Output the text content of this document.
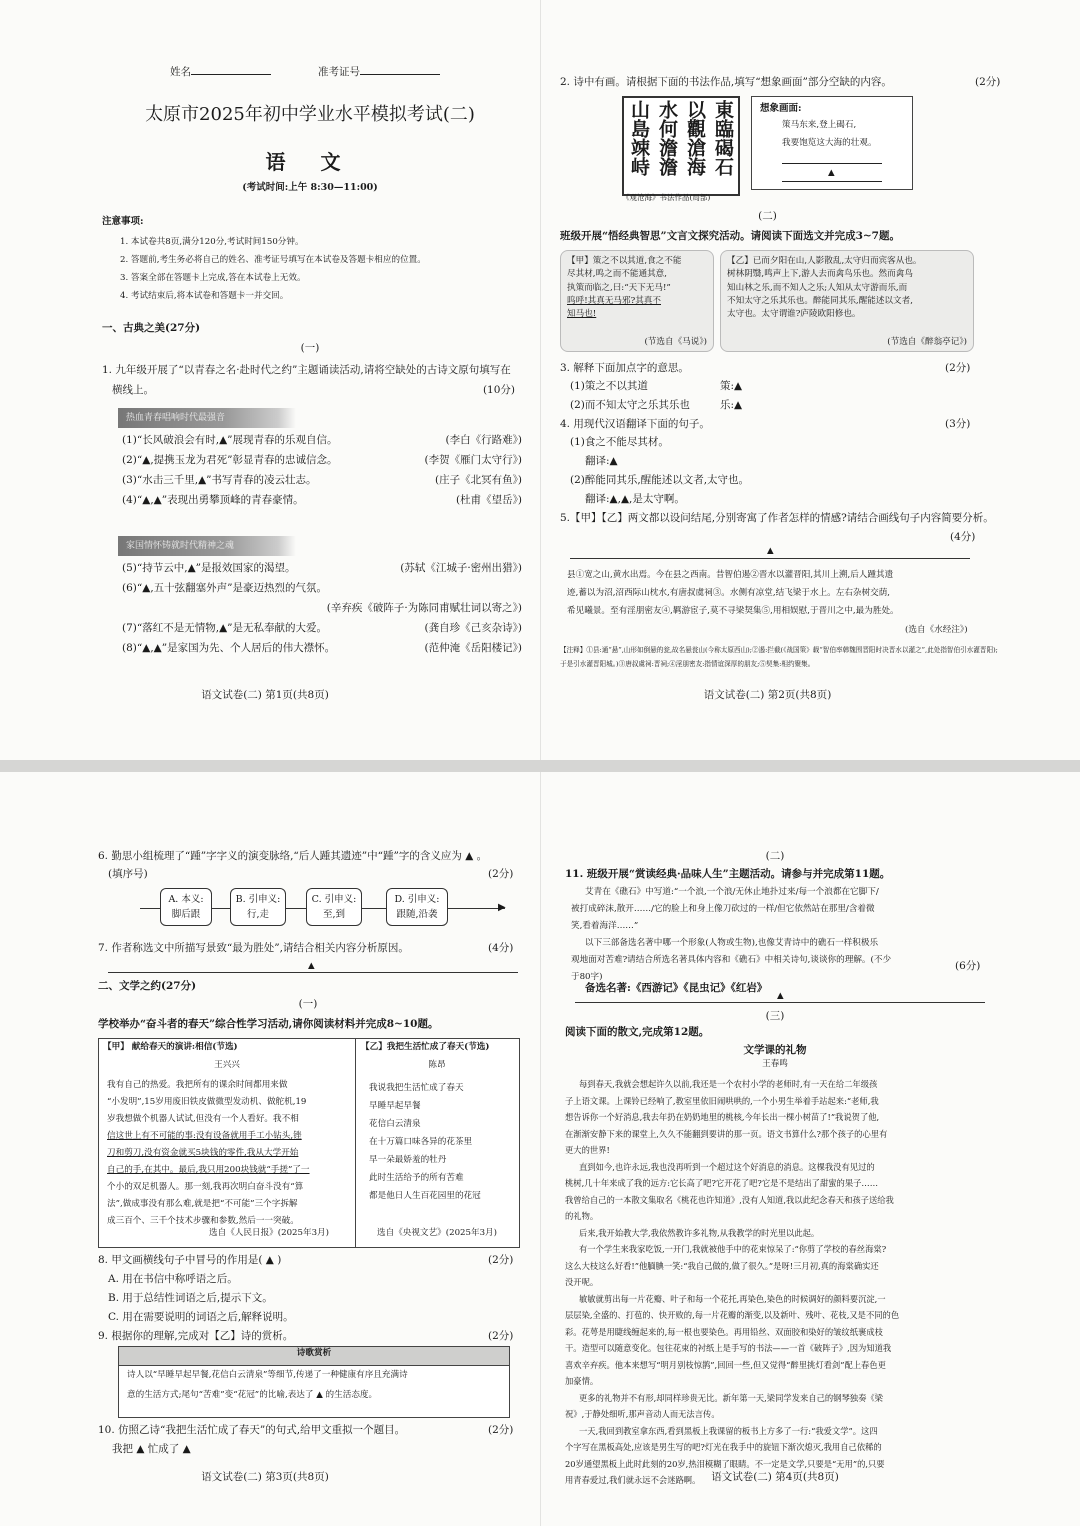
姓名	准考证号
太原市2025年初中学业水平模拟考试(二)
语 文
(考试时间:上午 8:30—11:00)
注意事项:
1. 本试卷共8页,满分120分,考试时间150分钟。
2. 答题前,考生务必将自己的姓名、准考证号填写在本试卷及答题卡相应的位置。
3. 答案全部在答题卡上完成,答在本试卷上无效。
4. 考试结束后,将本试卷和答题卡一并交回。
一、古典之美(27分)
(一)
1. 九年级开展了“以青春之名·赴时代之约”主题诵读活动,请将空缺处的古诗文原句填写在
横线上。	(10分)
热血青春唱响时代最强音
(1)“长风破浪会有时,▲”展现青春的乐观自信。	(李白《行路难》)
(2)“▲,提携玉龙为君死”彰显青春的忠诚信念。	(李贺《雁门太守行》)
(3)“水击三千里,▲”书写青春的凌云壮志。	(庄子《北冥有鱼》)
(4)“▲,▲”表现出勇攀顶峰的青春豪情。	(杜甫《望岳》)
家国情怀铸就时代精神之魂
(5)“持节云中,▲”是报效国家的渴望。	(苏轼《江城子·密州出猎》)
(6)“▲,五十弦翻塞外声”是豪迈热烈的气氛。
(辛弃疾《破阵子·为陈同甫赋壮词以寄之》)
(7)“落红不是无情物,▲”是无私奉献的大爱。	(龚自珍《己亥杂诗》)
(8)“▲,▲”是家国为先、个人居后的伟大襟怀。	(范仲淹《岳阳楼记》)
语文试卷(二) 第1页(共8页)
2. 诗中有画。请根据下面的书法作品,填写“想象画面”部分空缺的内容。	(2分)
東臨碣石
以觀滄海
水何澹澹
山島竦峙
《观沧海》书法作品(局部)
想象画面:
策马东来,登上碣石,
我要饱览这大海的壮观。
▲
(二)
班级开展“悟经典智思”文言文探究活动。请阅读下面选文并完成3~7题。
【甲】策之不以其道,食之不能
尽其材,鸣之而不能通其意,
执策而临之,曰:“天下无马!”
呜呼!其真无马邪?其真不
知马也!
(节选自《马说》)
【乙】已而夕阳在山,人影散乱,太守归而宾客从也。
树林阴翳,鸣声上下,游人去而禽鸟乐也。然而禽鸟
知山林之乐,而不知人之乐;人知从太守游而乐,而
不知太守之乐其乐也。醉能同其乐,醒能述以文者,
太守也。太守谓谁?庐陵欧阳修也。
(节选自《醉翁亭记》)
3. 解释下面加点字的意思。	(2分)
(1)策之不以其道	策:▲
(2)而不知太守之乐其乐也	乐:▲
4. 用现代汉语翻译下面的句子。	(3分)
(1)食之不能尽其材。
翻译:▲
(2)醉能同其乐,醒能述以文者,太守也。
翻译:▲,▲,是太守啊。
5.【甲】【乙】两文都以设问结尾,分别寄寓了作者怎样的情感?请结合画线句子内容简要分析。
(4分)
▲
县①宽之山,黄水出焉。今在县之西南。昔智伯遏②晋水以灌晋阳,其川上溯,后人踵其遗
迹,蓄以为沼,沼西际山枕水,有唐叔虞祠③。水侧有凉堂,结飞梁于水上。左右杂树交荫,
希见曦景。至有淫朋密友④,羁游宦子,莫不寻梁契集⑤,用相娱慰,于晋川之中,最为胜处。
(选自《水经注》)
【注释】①县:通“悬”,山形如倒悬的瓮,故名悬瓮山(今称太原西山);②遏:拦截(《战国策》载“智伯率韩魏围晋阳时决晋水以灌之”,此处指智伯引水灌晋阳);
于是引水灌晋阳城。)③唐叔虞祠:晋祠;④淫朋密友:指情谊深厚的朋友;⑤契集:相约聚集。
语文试卷(二) 第2页(共8页)
6. 勤思小组梳理了“踵”字字义的演变脉络,“后人踵其遗迹”中“踵”字的含义应为 ▲ 。
(填序号)	(2分)
▶
A. 本义:
脚后跟
B. 引申义:
行,走
C. 引申义:
至,到
D. 引申义:
跟随,沿袭
7. 作者称选文中所描写景致“最为胜处”,请结合相关内容分析原因。	(4分)
▲
二、文学之约(27分)
(一)
学校举办“奋斗者的春天”综合性学习活动,请你阅读材料并完成8~10题。
【甲】 献给春天的演讲:相信(节选)
王兴兴
我有自己的热爱。我把所有的课余时间都用来做
“小发明”,15岁用废旧铁皮做微型发动机、做舵机,19
岁我想做个机器人试试,但没有一个人看好。我不相
信这世上有不可能的事:没有设备就用手工小钻头,锉
刀和剪刀,没有资金就买5块钱的零件,我从大学开始
自己的手,在其中。最后,我只用200块钱就“手搓”了一
个小的双足机器人。那一刻,我再次明白奋斗没有“算
法”,做成事没有那么难,就是把“不可能”三个字拆解
成三百个、三千个技术步骤和参数,然后一一突破。
选自《人民日报》(2025年3月)
【乙】我把生活忙成了春天(节选)
陈昂
我说我把生活忙成了春天
早睡早起早餐
花信白云清泉
在十万篇口味各异的花茶里
早一朵最娇羞的牡丹
此时生活给予的所有苦难
都是他日人生百花园里的花冠
选自《央视文艺》(2025年3月)
8. 甲文画横线句子中冒号的作用是( ▲ )	(2分)
A. 用在书信中称呼语之后。
B. 用于总结性词语之后,提示下文。
C. 用在需要说明的词语之后,解释说明。
9. 根据你的理解,完成对【乙】诗的赏析。	(2分)
诗歌赏析
诗人以“早睡早起早餐,花信白云清泉”等细节,传递了一种健康有序且充满诗
意的生活方式;尾句“苦难”变“花冠”的比喻,表达了 ▲ 的生活态度。
10. 仿照乙诗“我把生活忙成了春天”的句式,给甲文重拟一个题目。	(2分)
我把 ▲ 忙成了 ▲
语文试卷(二) 第3页(共8页)
(二)
11. 班级开展“赏读经典·品味人生”主题活动。请参与并完成第11题。
艾青在《礁石》中写道:“一个浪,一个浪/无休止地扑过来/每一个浪都在它脚下/
被打成碎沫,散开……/它的脸上和身上像刀砍过的一样/但它依然站在那里/含着微
笑,看着海洋……”
以下三部备选名著中哪一个形象(人物或生物),也像艾青诗中的礁石一样积极乐
观地面对苦难?请结合所选名著具体内容和《礁石》中相关诗句,谈谈你的理解。(不少
于80字)
(6分)
备选名著:《西游记》《昆虫记》《红岩》
▲
(三)
阅读下面的散文,完成第12题。
文学课的礼物
王春鸣
每到春天,我就会想起许久以前,我还是一个农村小学的老师时,有一天在给二年级孩
子上语文课。上课铃已经响了,教室里依旧闹哄哄的,一个小男生举着手站起来:“老师,我
想告诉你一个好消息,我去年扔在奶奶地里的桃核,今年长出一棵小树苗了!”我说贺了他,
在渐渐安静下来的课堂上,久久不能翻到要讲的那一页。语文书算什么?那个孩子的心里有
更大的世界!
直到如今,也许永远,我也没再听到一个超过这个好消息的消息。这棵我没有见过的
桃树,几十年来成了我的远方:它长高了吧?它开花了吧?它是不是结出了甜蜜的果子……
我曾给自己的一本散文集取名《桃花也许知道》,没有人知道,我以此纪念春天和孩子送给我
的礼物。
后来,我开始教大学,我依然教许多礼物,从我教学的时光里以此起。
有一个学生来我家吃饭,一开门,我就被他手中的花束惊呆了:“你剪了学校的春丝海棠?
这么大枝这么好看!”他腼腆一笑:“我自己做的,做了很久。”是呀!三月初,真的海棠确实还
没开呢。
敏敏就剪出每一片花瓣、叶子和每一个花托,再染色,染色的时候调好的颜料要沉淀,一
层层染,全盛的、打苞的、快开败的,每一片花瓣的渐变,以及新叶、残叶、花枝,又是不同的色
彩。花萼是用睫线缠起来的,每一根也要染色。再用铅丝、双面胶和染好的皱纹纸裹成枝
干。造型可以随意变化。包往花束的衬纸上是手写的书法——一首《破阵子》,因为知道我
喜欢辛弃疾。他本来想写“明月别枝惊鹊”,回回一些,但又觉得“醉里挑灯看剑”配上春色更
加豪情。
更多的礼物并不有形,却同样珍贵无比。新年第一天,梁同学发来自己的钢琴独奏《梁
祝》,于静处细听,那声音动人而无法言传。
一天,我回到教室拿东西,看到黑板上我课留的板书上方多了一行:“我爱文学”。这四
个字写在黑板高处,应该是男生写的吧?灯光在我手中的旋钮下渐次熄灭,我用自己依稀的
20岁通望黑板上此时此刻的20岁,热泪模糊了眼睛。不一定是文学,只要是“无用”的,只要
用青春爱过,我们就永远不会迷路啊。	语文试卷(二) 第4页(共8页)
